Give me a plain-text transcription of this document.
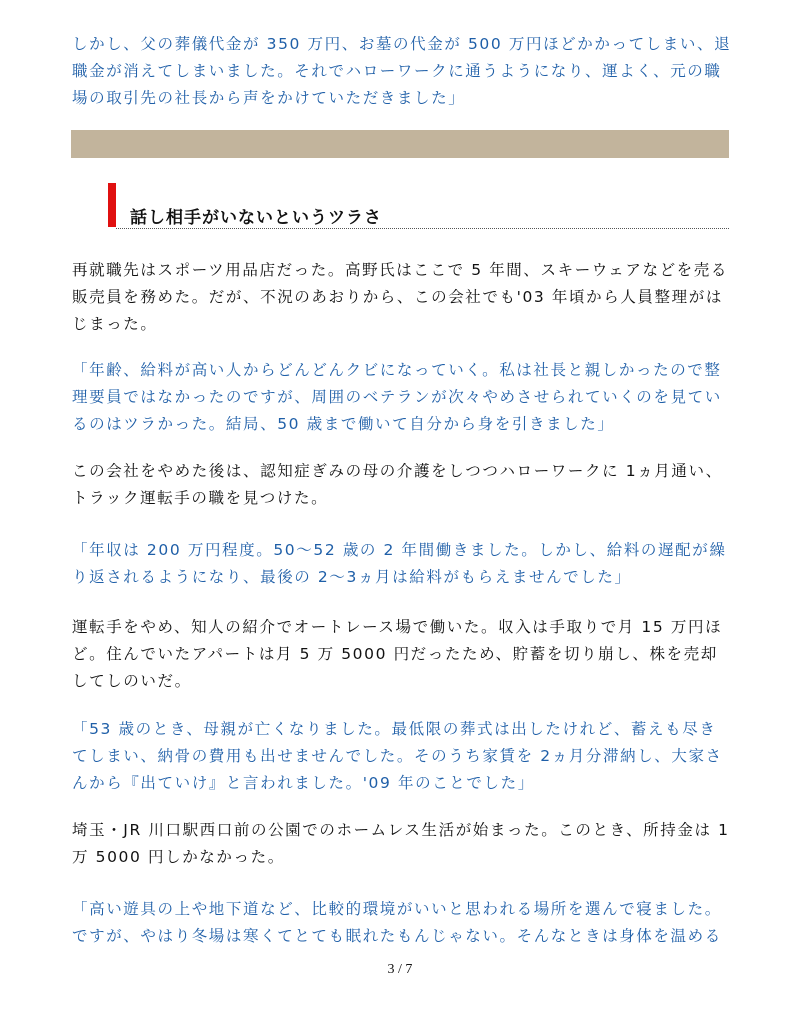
しかし、父の葬儀代金が 350 万円、お墓の代金が 500 万円ほどかかってしまい、退職金が消えてしまいました。それでハローワークに通うようになり、運よく、元の職場の取引先の社長から声をかけていただきました」

話し相手がいないというツラさ

再就職先はスポーツ用品店だった。高野氏はここで 5 年間、スキーウェアなどを売る販売員を務めた。だが、不況のあおりから、この会社でも'03 年頃から人員整理がはじまった。

「年齢、給料が高い人からどんどんクビになっていく。私は社長と親しかったので整理要員ではなかったのですが、周囲のベテランが次々やめさせられていくのを見ているのはツラかった。結局、50 歳まで働いて自分から身を引きました」

この会社をやめた後は、認知症ぎみの母の介護をしつつハローワークに 1ヵ月通い、トラック運転手の職を見つけた。

「年収は 200 万円程度。50～52 歳の 2 年間働きました。しかし、給料の遅配が繰り返されるようになり、最後の 2～3ヵ月は給料がもらえませんでした」

運転手をやめ、知人の紹介でオートレース場で働いた。収入は手取りで月 15 万円ほど。住んでいたアパートは月 5 万 5000 円だったため、貯蓄を切り崩し、株を売却してしのいだ。

「53 歳のとき、母親が亡くなりました。最低限の葬式は出したけれど、蓄えも尽きてしまい、納骨の費用も出せませんでした。そのうち家賃を 2ヵ月分滞納し、大家さんから『出ていけ』と言われました。'09 年のことでした」

埼玉・JR 川口駅西口前の公園でのホームレス生活が始まった。このとき、所持金は 1 万 5000 円しかなかった。

「高い遊具の上や地下道など、比較的環境がいいと思われる場所を選んで寝ました。ですが、やはり冬場は寒くてとても眠れたもんじゃない。そんなときは身体を温める

3 / 7
